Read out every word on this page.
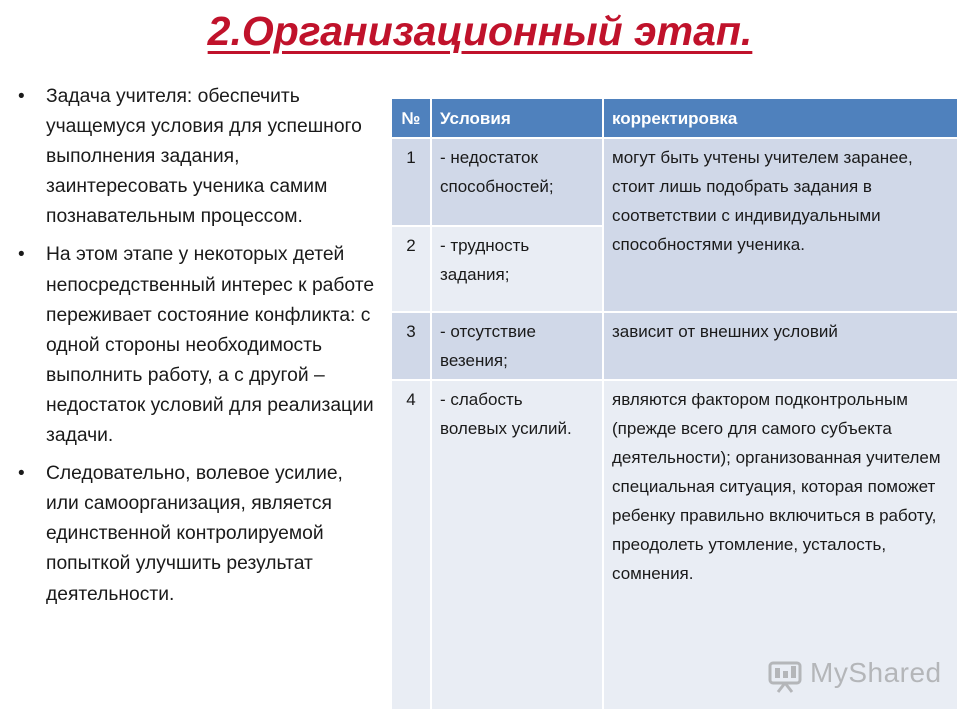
2.Организационный этап.
• Задача учителя: обеспечить учащемуся условия для успешного выполнения задания, заинтересовать ученика самим познавательным процессом.
• На этом этапе у некоторых детей непосредственный интерес к работе переживает состояние конфликта: с одной стороны необходимость выполнить работу, а с другой – недостаток условий для реализации задачи.
• Следовательно, волевое усилие, или самоорганизация, является единственной контролируемой попыткой улучшить результат деятельности.
№	Условия	корректировка
1	- недостаток способностей;	могут быть учтены учителем заранее, стоит лишь подобрать задания в соответствии с индивидуальными способностями ученика.
2	- трудность задания;	
3	- отсутствие везения;	зависит от внешних условий
4	- слабость волевых усилий.	являются фактором подконтрольным (прежде всего для самого субъекта деятельности); организованная учителем специальная ситуация, которая поможет ребенку правильно включиться в работу, преодолеть утомление, усталость, сомнения.
MyShared
